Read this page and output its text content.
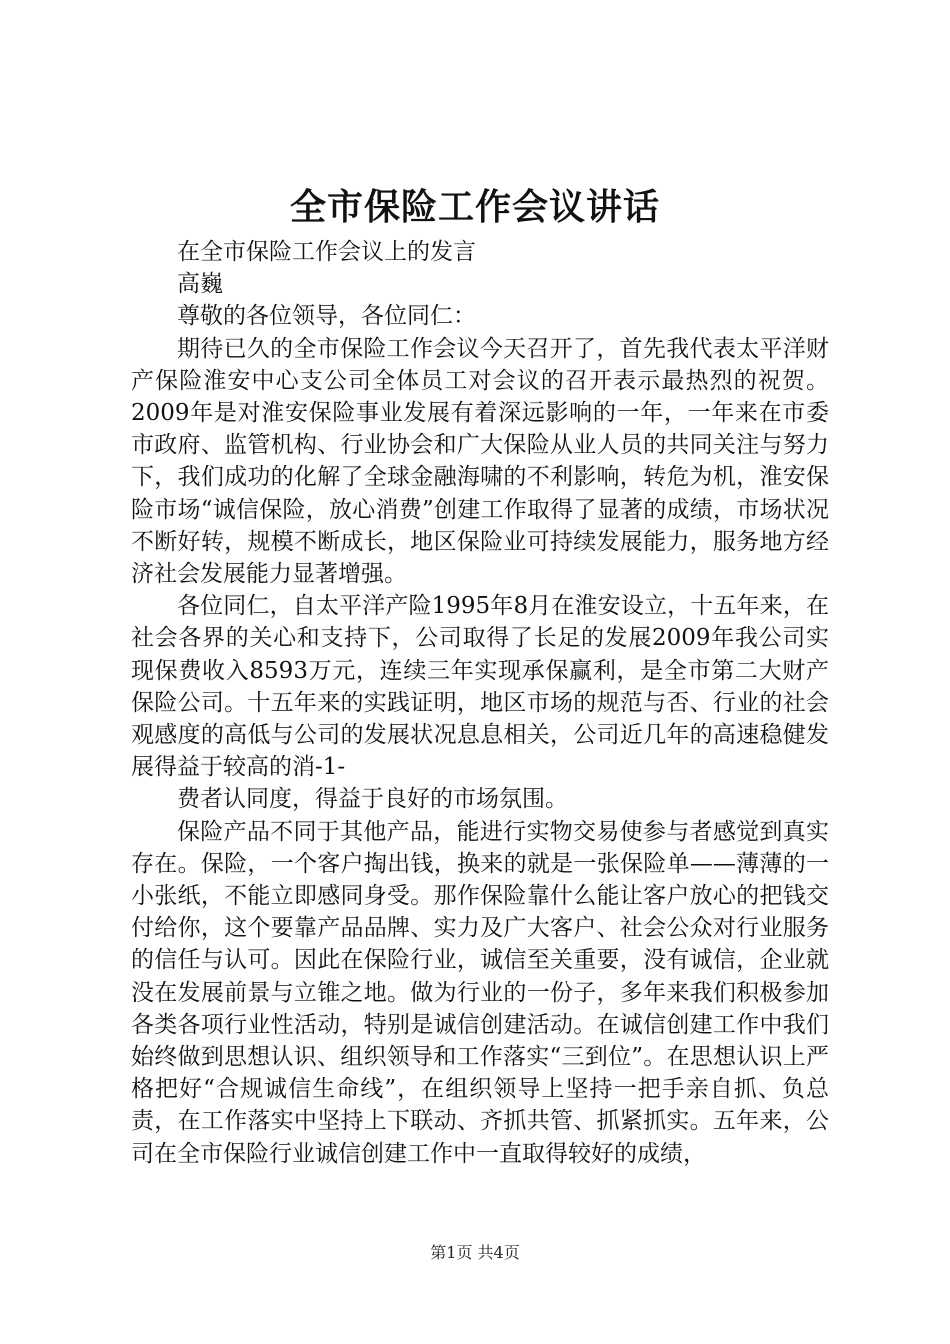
全市保险工作会议讲话

在全市保险工作会议上的发言

高巍

尊敬的各位领导，各位同仁：

期待已久的全市保险工作会议今天召开了，首先我代表太平洋财产保险淮安中心支公司全体员工对会议的召开表示最热烈的祝贺。2009年是对淮安保险事业发展有着深远影响的一年，一年来在市委市政府、监管机构、行业协会和广大保险从业人员的共同关注与努力下，我们成功的化解了全球金融海啸的不利影响，转危为机，淮安保险市场“诚信保险，放心消费”创建工作取得了显著的成绩，市场状况不断好转，规模不断成长，地区保险业可持续发展能力，服务地方经济社会发展能力显著增强。

各位同仁，自太平洋产险1995年8月在淮安设立，十五年来，在社会各界的关心和支持下，公司取得了长足的发展2009年我公司实现保费收入8593万元，连续三年实现承保赢利，是全市第二大财产保险公司。十五年来的实践证明，地区市场的规范与否、行业的社会观感度的高低与公司的发展状况息息相关，公司近几年的高速稳健发展得益于较高的消-1-

费者认同度，得益于良好的市场氛围。

保险产品不同于其他产品，能进行实物交易使参与者感觉到真实存在。保险，一个客户掏出钱，换来的就是一张保险单——薄薄的一小张纸，不能立即感同身受。那作保险靠什么能让客户放心的把钱交付给你，这个要靠产品品牌、实力及广大客户、社会公众对行业服务的信任与认可。因此在保险行业，诚信至关重要，没有诚信，企业就没在发展前景与立锥之地。做为行业的一份子，多年来我们积极参加各类各项行业性活动，特别是诚信创建活动。在诚信创建工作中我们始终做到思想认识、组织领导和工作落实“三到位”。在思想认识上严格把好“合规诚信生命线”，在组织领导上坚持一把手亲自抓、负总责，在工作落实中坚持上下联动、齐抓共管、抓紧抓实。五年来，公司在全市保险行业诚信创建工作中一直取得较好的成绩，

第1页 共4页
